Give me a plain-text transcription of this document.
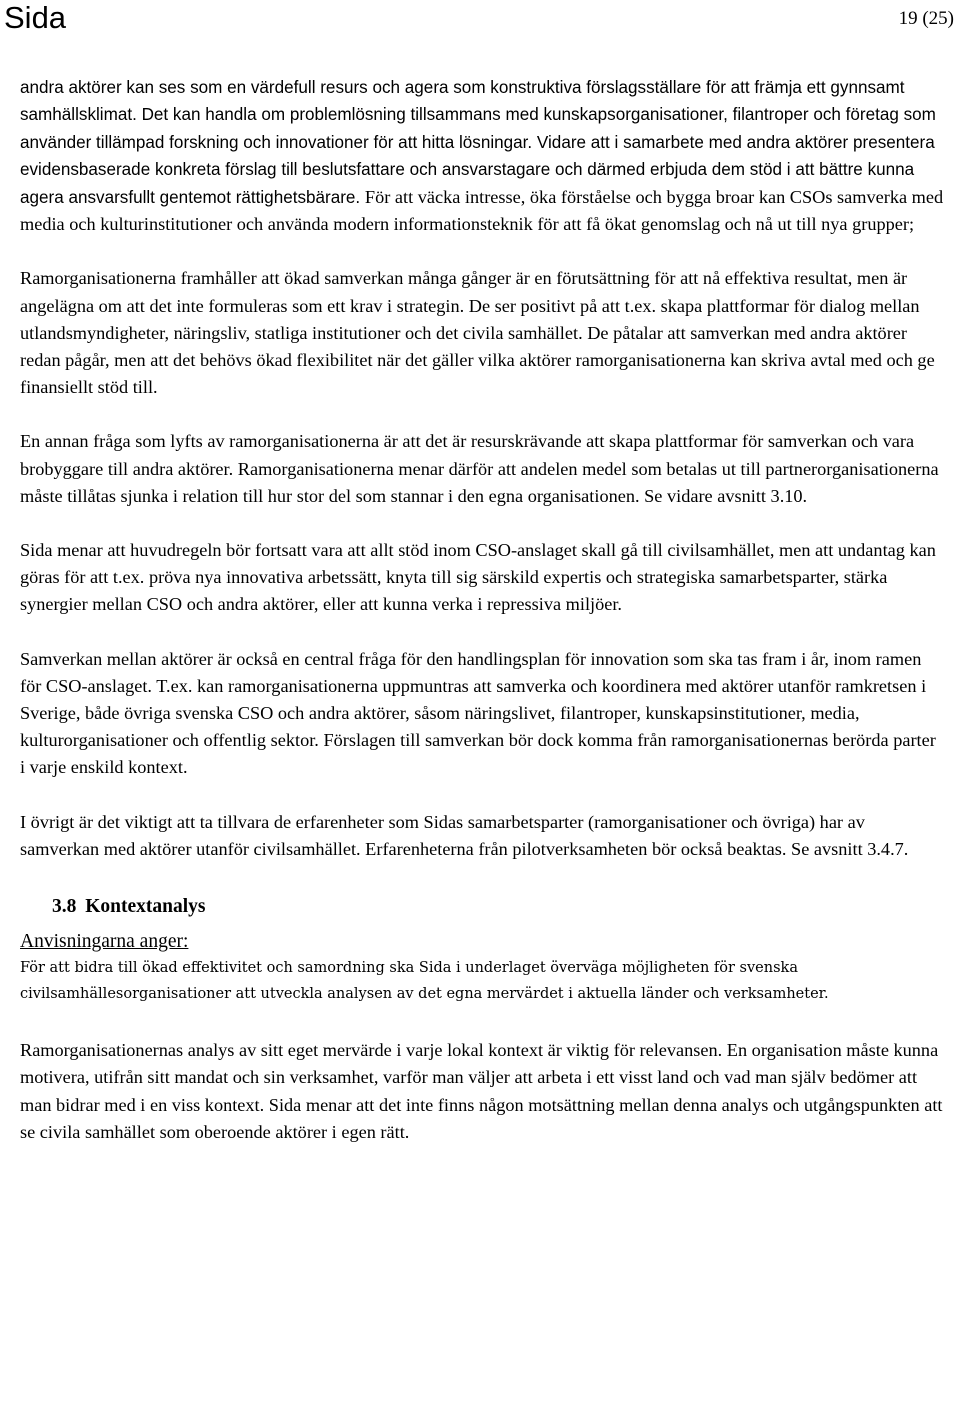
Sida	19 (25)

andra aktörer kan ses som en värdefull resurs och agera som konstruktiva förslagsställare för att främja ett gynnsamt samhällsklimat. Det kan handla om problemlösning tillsammans med kunskapsorganisationer, filantroper och företag som använder tillämpad forskning och innovationer för att hitta lösningar. Vidare att i samarbete med andra aktörer presentera evidensbaserade konkreta förslag till beslutsfattare och ansvarstagare och därmed erbjuda dem stöd i att bättre kunna agera ansvarsfullt gentemot rättighetsbärare. För att väcka intresse, öka förståelse och bygga broar kan CSOs samverka med media och kulturinstitutioner och använda modern informationsteknik för att få ökat genomslag och nå ut till nya grupper;

Ramorganisationerna framhåller att ökad samverkan många gånger är en förutsättning för att nå effektiva resultat, men är angelägna om att det inte formuleras som ett krav i strategin. De ser positivt på att t.ex. skapa plattformar för dialog mellan utlandsmyndigheter, näringsliv, statliga institutioner och det civila samhället. De påtalar att samverkan med andra aktörer redan pågår, men att det behövs ökad flexibilitet när det gäller vilka aktörer ramorganisationerna kan skriva avtal med och ge finansiellt stöd till.

En annan fråga som lyfts av ramorganisationerna är att det är resurskrävande att skapa plattformar för samverkan och vara brobyggare till andra aktörer. Ramorganisationerna menar därför att andelen medel som betalas ut till partnerorganisationerna måste tillåtas sjunka i relation till hur stor del som stannar i den egna organisationen. Se vidare avsnitt 3.10.

Sida menar att huvudregeln bör fortsatt vara att allt stöd inom CSO-anslaget skall gå till civilsamhället, men att undantag kan göras för att t.ex. pröva nya innovativa arbetssätt, knyta till sig särskild expertis och strategiska samarbetsparter, stärka synergier mellan CSO och andra aktörer, eller att kunna verka i repressiva miljöer.

Samverkan mellan aktörer är också en central fråga för den handlingsplan för innovation som ska tas fram i år, inom ramen för CSO-anslaget. T.ex. kan ramorganisationerna uppmuntras att samverka och koordinera med aktörer utanför ramkretsen i Sverige, både övriga svenska CSO och andra aktörer, såsom näringslivet, filantroper, kunskapsinstitutioner, media, kulturorganisationer och offentlig sektor. Förslagen till samverkan bör dock komma från ramorganisationernas berörda parter i varje enskild kontext.

I övrigt är det viktigt att ta tillvara de erfarenheter som Sidas samarbetsparter (ramorganisationer och övriga) har av samverkan med aktörer utanför civilsamhället. Erfarenheterna från pilotverksamheten bör också beaktas. Se avsnitt 3.4.7.

3.8 Kontextanalys
Anvisningarna anger:

För att bidra till ökad effektivitet och samordning ska Sida i underlaget överväga möjligheten för svenska civilsamhällesorganisationer att utveckla analysen av det egna mervärdet i aktuella länder och verksamheter.

Ramorganisationernas analys av sitt eget mervärde i varje lokal kontext är viktig för relevansen. En organisation måste kunna motivera, utifrån sitt mandat och sin verksamhet, varför man väljer att arbeta i ett visst land och vad man själv bedömer att man bidrar med i en viss kontext. Sida menar att det inte finns någon motsättning mellan denna analys och utgångspunkten att se civila samhället som oberoende aktörer i egen rätt.
